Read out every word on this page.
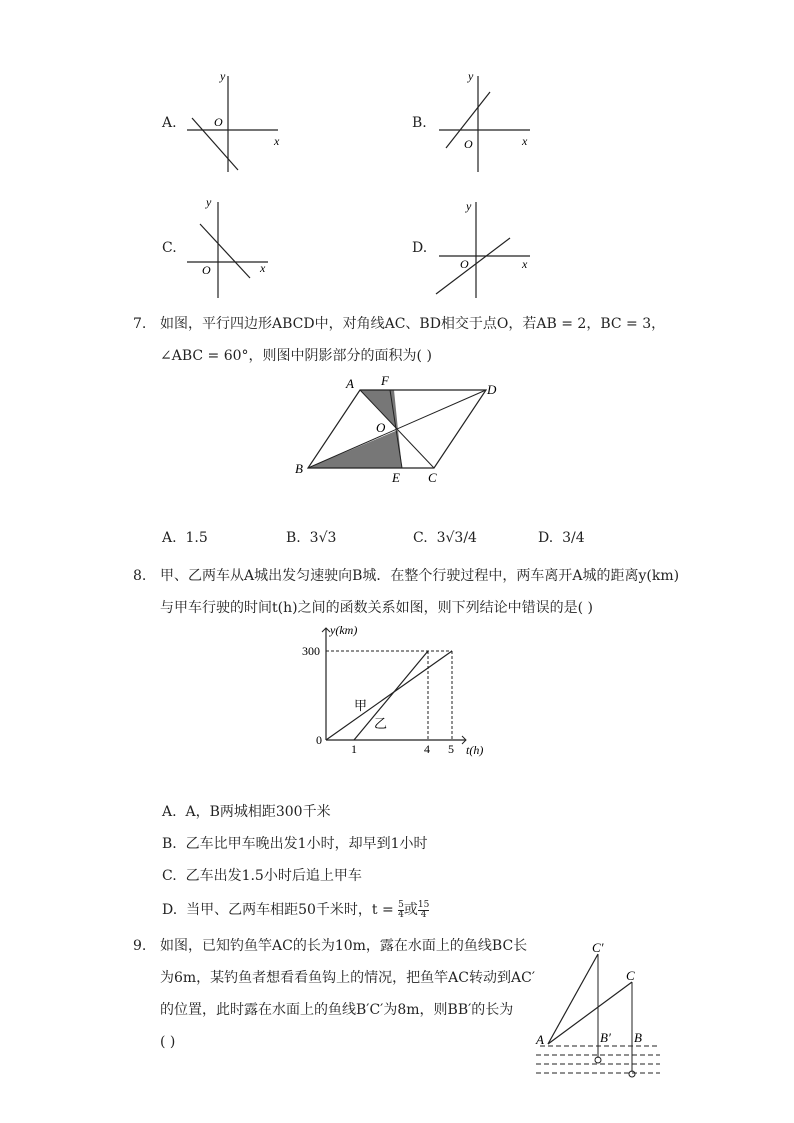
A.
y
O
x
B.
y
O	x
C.
y
O	x
D.
y
O	x
7. 如图，平行四边形ABCD中，对角线AC、BD相交于点O，若AB = 2，BC = 3，
∠ABC = 60°，则图中阴影部分的面积为( )
A F
D
O
B
E C
A. 1.5	B. 3√3	C. 3√3/4	D. 3/4
8. 甲、乙两车从A城出发匀速驶向B城．在整个行驶过程中，两车离开A城的距离y(km)
与甲车行驶的时间t(h)之间的函数关系如图，则下列结论中错误的是( )
y(km)
t(h)
300
0
1	4 5
甲
乙
A. A，B两城相距300千米
B. 乙车比甲车晚出发1小时，却早到1小时
C. 乙车出发1.5小时后追上甲车
D. 当甲、乙两车相距50千米时，$t = \frac{5}{4}$ 或 $\frac{15}{4}$
9. 如图，已知钓鱼竿AC的长为10m，露在水面上的鱼线BC长
为6m，某钓鱼者想看看鱼钩上的情况，把鱼竿AC转动到AC′
的位置，此时露在水面上的鱼线B′C′为8m，则BB′的长为
( )
C′
C
A	B′ B
